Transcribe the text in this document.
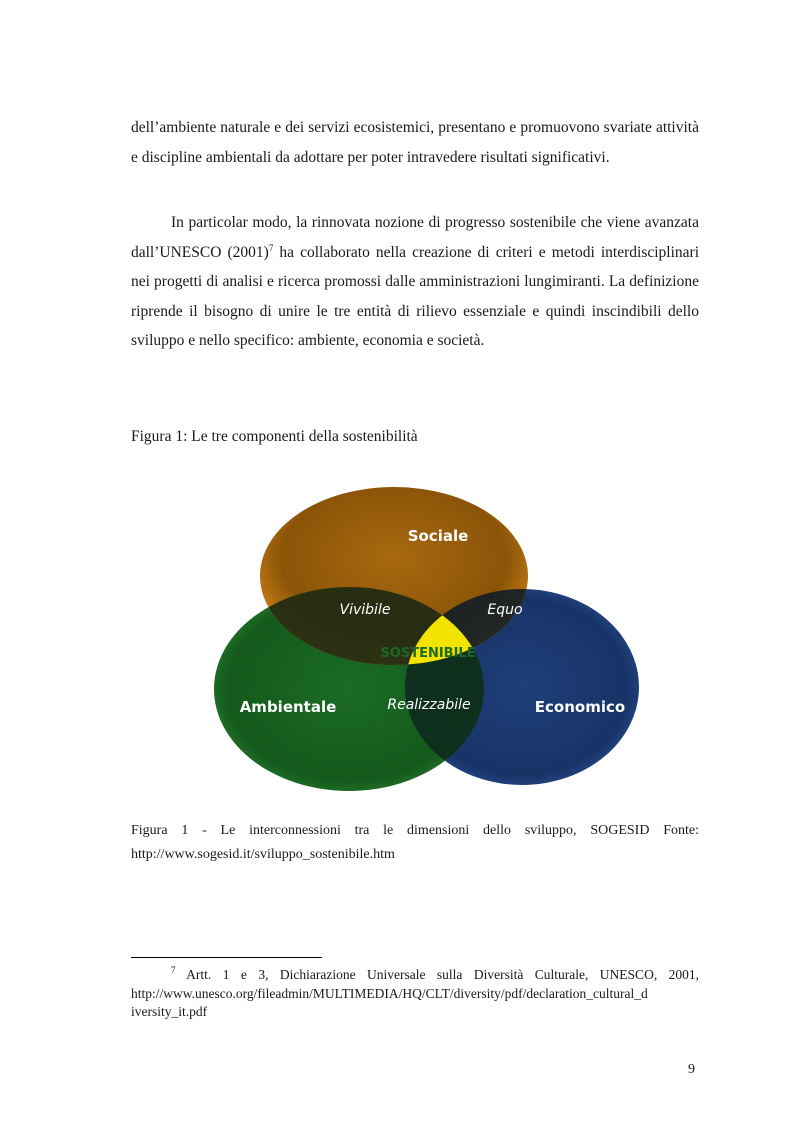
dell’ambiente naturale e dei servizi ecosistemici, presentano e promuovono svariate attività e discipline ambientali da adottare per poter intravedere risultati significativi.

In particolar modo, la rinnovata nozione di progresso sostenibile che viene avanzata dall’UNESCO $(2001)^7$ ha collaborato nella creazione di criteri e metodi interdisciplinari nei progetti di analisi e ricerca promossi dalle amministrazioni lungimiranti. La definizione riprende il bisogno di unire le tre entità di rilievo essenziale e quindi inscindibili dello sviluppo e nello specifico: ambiente, economia e società.

Figura 1: Le tre componenti della sostenibilità

Sociale
Vivibile	Equo
SOSTENIBILE
Ambientale	Realizzabile	Economico

Figura 1 - Le interconnessioni tra le dimensioni dello sviluppo, SOGESID Fonte:
http://www.sogesid.it/sviluppo_sostenibile.htm

$^7$ Artt. 1 e 3, Dichiarazione Universale sulla Diversità Culturale, UNESCO, 2001,
http://www.unesco.org/fileadmin/MULTIMEDIA/HQ/CLT/diversity/pdf/declaration_cultural_d
iversity_it.pdf

9
